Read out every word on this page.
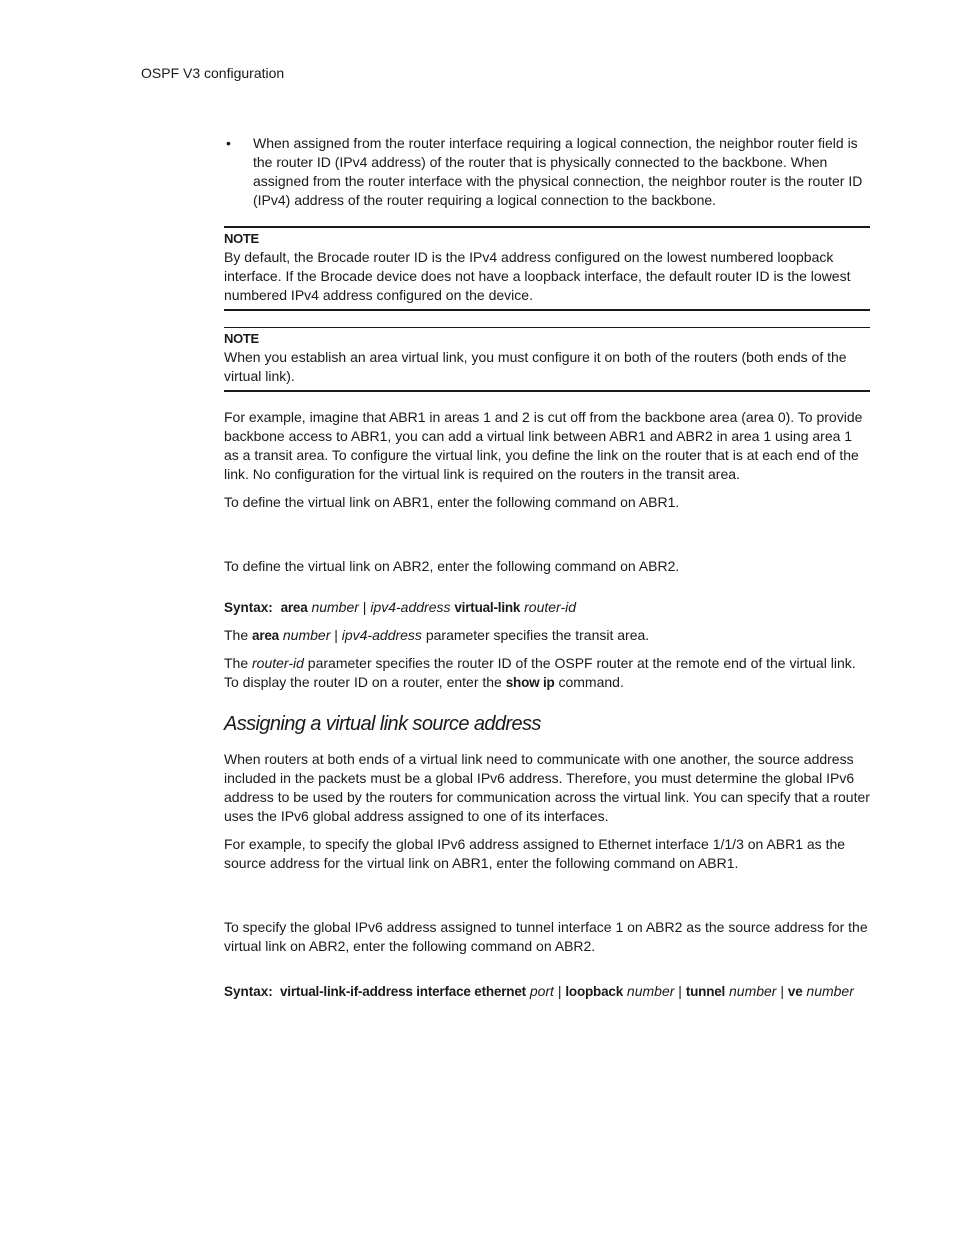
OSPF V3 configuration
• When assigned from the router interface requiring a logical connection, the neighbor router field is the router ID (IPv4 address) of the router that is physically connected to the backbone. When assigned from the router interface with the physical connection, the neighbor router is the router ID (IPv4) address of the router requiring a logical connection to the backbone.
NOTE

By default, the Brocade router ID is the IPv4 address configured on the lowest numbered loopback interface. If the Brocade device does not have a loopback interface, the default router ID is the lowest numbered IPv4 address configured on the device.

NOTE

When you establish an area virtual link, you must configure it on both of the routers (both ends of the virtual link).

For example, imagine that ABR1 in areas 1 and 2 is cut off from the backbone area (area 0). To provide backbone access to ABR1, you can add a virtual link between ABR1 and ABR2 in area 1 using area 1 as a transit area. To configure the virtual link, you define the link on the router that is at each end of the link. No configuration for the virtual link is required on the routers in the transit area.

To define the virtual link on ABR1, enter the following command on ABR1.

To define the virtual link on ABR2, enter the following command on ABR2.

Syntax: area number | ipv4-address virtual-link router-id

The area number | ipv4-address parameter specifies the transit area.

The router-id parameter specifies the router ID of the OSPF router at the remote end of the virtual link. To display the router ID on a router, enter the show ip command.

Assigning a virtual link source address

When routers at both ends of a virtual link need to communicate with one another, the source address included in the packets must be a global IPv6 address. Therefore, you must determine the global IPv6 address to be used by the routers for communication across the virtual link. You can specify that a router uses the IPv6 global address assigned to one of its interfaces.

For example, to specify the global IPv6 address assigned to Ethernet interface 1/1/3 on ABR1 as the source address for the virtual link on ABR1, enter the following command on ABR1.

To specify the global IPv6 address assigned to tunnel interface 1 on ABR2 as the source address for the virtual link on ABR2, enter the following command on ABR2.

Syntax: virtual-link-if-address interface ethernet port | loopback number | tunnel number | ve number
